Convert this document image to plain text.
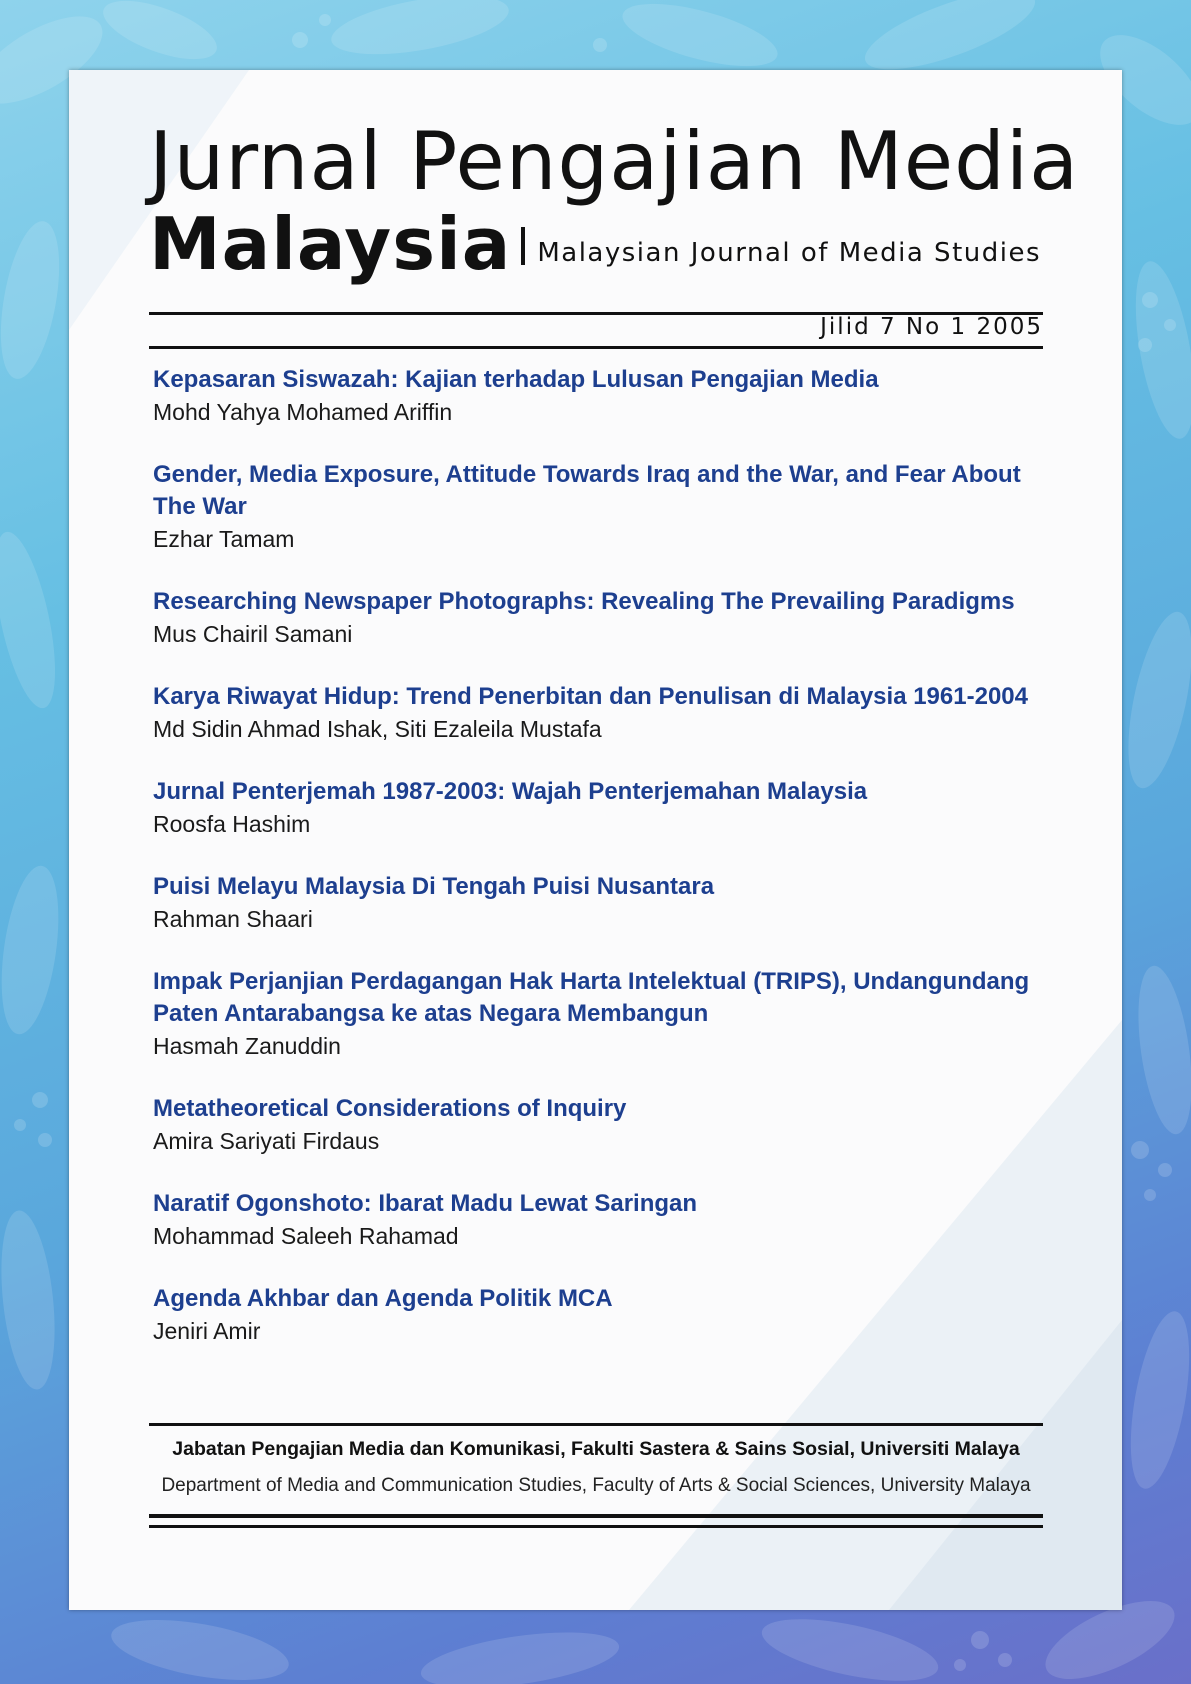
Jurnal Pengajian Media
Malaysia Malaysian Journal of Media Studies
Jilid 7 No 1 2005
Kepasaran Siswazah: Kajian terhadap Lulusan Pengajian Media
Mohd Yahya Mohamed Ariffin
Gender, Media Exposure, Attitude Towards Iraq and the War, and Fear About The War
Ezhar Tamam
Researching Newspaper Photographs: Revealing The Prevailing Paradigms
Mus Chairil Samani
Karya Riwayat Hidup: Trend Penerbitan dan Penulisan di Malaysia 1961-2004
Md Sidin Ahmad Ishak, Siti Ezaleila Mustafa
Jurnal Penterjemah 1987-2003: Wajah Penterjemahan Malaysia
Roosfa Hashim
Puisi Melayu Malaysia Di Tengah Puisi Nusantara
Rahman Shaari
Impak Perjanjian Perdagangan Hak Harta Intelektual (TRIPS), Undangundang Paten Antarabangsa ke atas Negara Membangun
Hasmah Zanuddin
Metatheoretical Considerations of Inquiry
Amira Sariyati Firdaus
Naratif Ogonshoto: Ibarat Madu Lewat Saringan
Mohammad Saleeh Rahamad
Agenda Akhbar dan Agenda Politik MCA
Jeniri Amir
Jabatan Pengajian Media dan Komunikasi, Fakulti Sastera & Sains Sosial, Universiti Malaya
Department of Media and Communication Studies, Faculty of Arts & Social Sciences, University Malaya
